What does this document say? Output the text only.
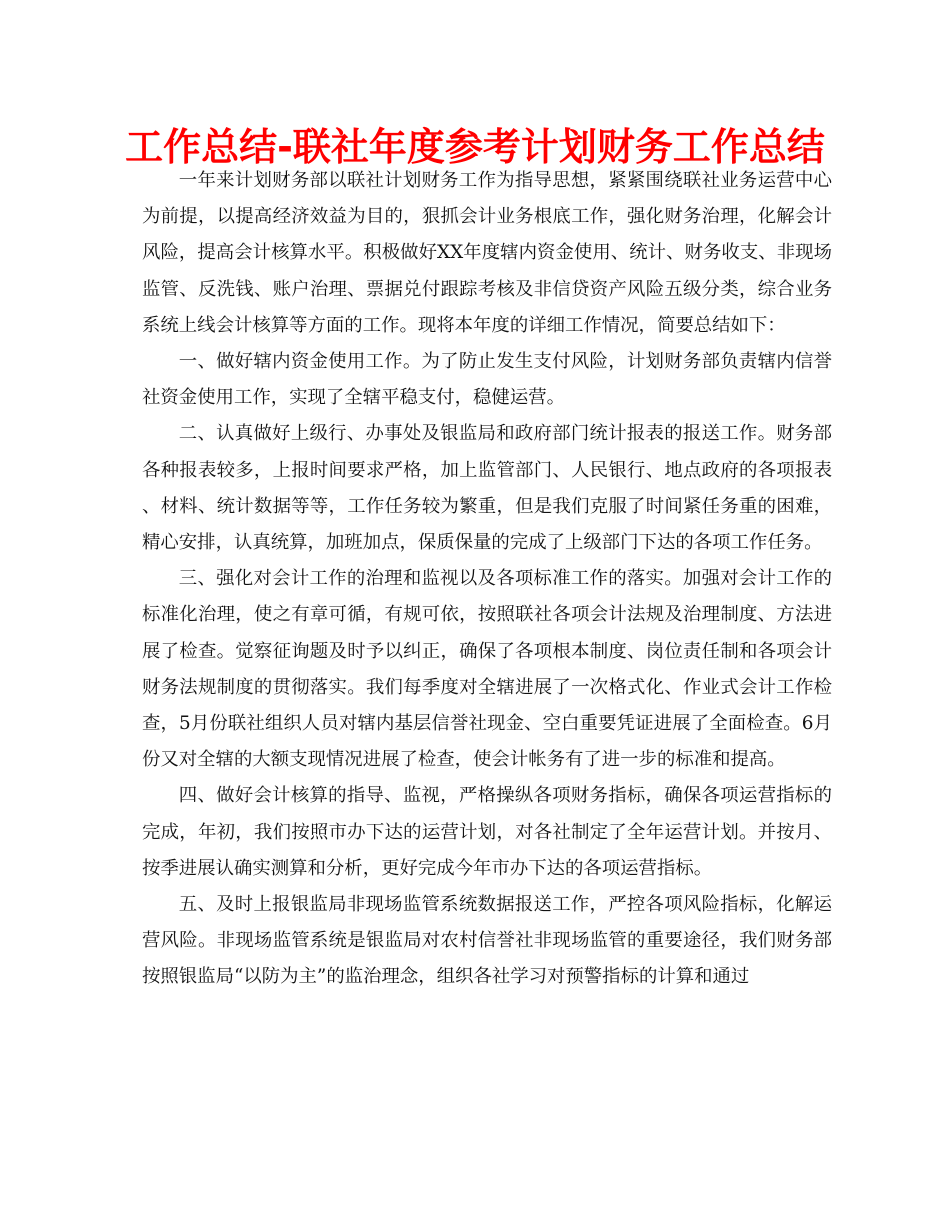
工作总结-联社年度参考计划财务工作总结

一年来计划财务部以联社计划财务工作为指导思想，紧紧围绕联社业务运营中心为前提，以提高经济效益为目的，狠抓会计业务根底工作，强化财务治理，化解会计风险，提高会计核算水平。积极做好XX年度辖内资金使用、统计、财务收支、非现场监管、反洗钱、账户治理、票据兑付跟踪考核及非信贷资产风险五级分类，综合业务系统上线会计核算等方面的工作。现将本年度的详细工作情况，简要总结如下：

一、做好辖内资金使用工作。为了防止发生支付风险，计划财务部负责辖内信誉社资金使用工作，实现了全辖平稳支付，稳健运营。

二、认真做好上级行、办事处及银监局和政府部门统计报表的报送工作。财务部各种报表较多，上报时间要求严格，加上监管部门、人民银行、地点政府的各项报表、材料、统计数据等等，工作任务较为繁重，但是我们克服了时间紧任务重的困难，精心安排，认真统算，加班加点，保质保量的完成了上级部门下达的各项工作任务。

三、强化对会计工作的治理和监视以及各项标准工作的落实。加强对会计工作的标准化治理，使之有章可循，有规可依，按照联社各项会计法规及治理制度、方法进展了检查。觉察征询题及时予以纠正，确保了各项根本制度、岗位责任制和各项会计财务法规制度的贯彻落实。我们每季度对全辖进展了一次格式化、作业式会计工作检查，5月份联社组织人员对辖内基层信誉社现金、空白重要凭证进展了全面检查。6月份又对全辖的大额支现情况进展了检查，使会计帐务有了进一步的标准和提高。

四、做好会计核算的指导、监视，严格操纵各项财务指标，确保各项运营指标的完成，年初，我们按照市办下达的运营计划，对各社制定了全年运营计划。并按月、按季进展认确实测算和分析，更好完成今年市办下达的各项运营指标。

五、及时上报银监局非现场监管系统数据报送工作，严控各项风险指标，化解运营风险。非现场监管系统是银监局对农村信誉社非现场监管的重要途径，我们财务部按照银监局“以防为主”的监治理念，组织各社学习对预警指标的计算和通过
